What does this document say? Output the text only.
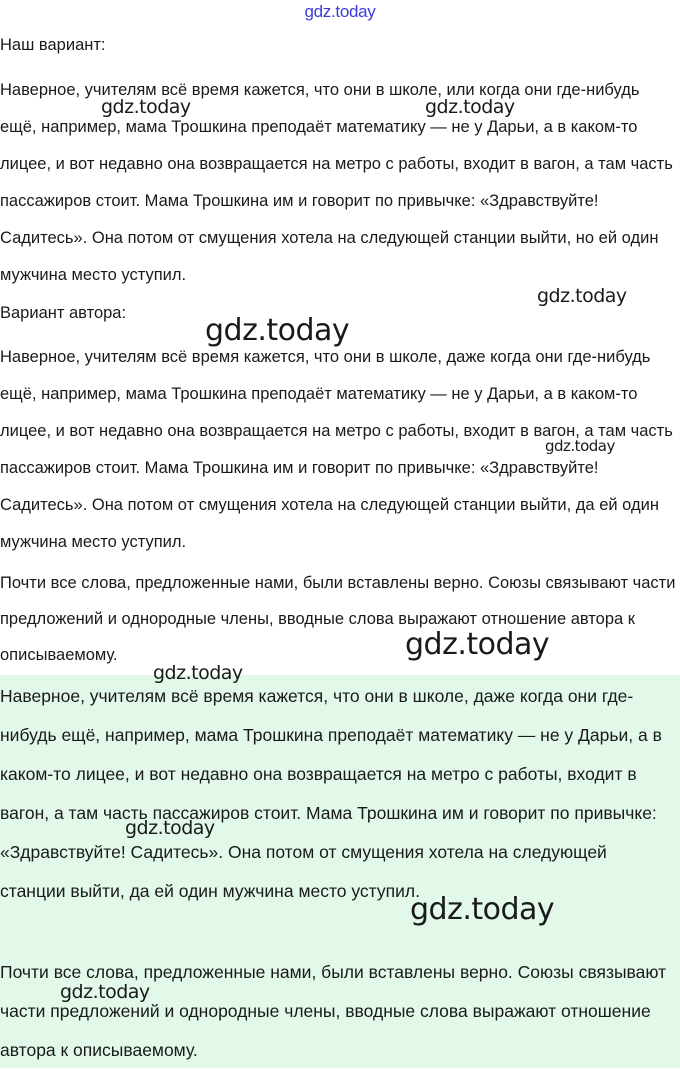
gdz.today

Наш вариант:

Наверное, учителям всё время кажется, что они в школе, или когда они где-нибудь ещё, например, мама Трошкина преподаёт математику — не у Дарьи, а в каком-то лицее, и вот недавно она возвращается на метро с работы, входит в вагон, а там часть пассажиров стоит. Мама Трошкина им и говорит по привычке: «Здравствуйте! Садитесь». Она потом от смущения хотела на следующей станции выйти, но ей один мужчина место уступил.

Вариант автора:

Наверное, учителям всё время кажется, что они в школе, даже когда они где-нибудь ещё, например, мама Трошкина преподаёт математику — не у Дарьи, а в каком-то лицее, и вот недавно она возвращается на метро с работы, входит в вагон, а там часть пассажиров стоит. Мама Трошкина им и говорит по привычке: «Здравствуйте! Садитесь». Она потом от смущения хотела на следующей станции выйти, да ей один мужчина место уступил.

Почти все слова, предложенные нами, были вставлены верно. Союзы связывают части предложений и однородные члены, вводные слова выражают отношение автора к описываемому.

Наверное, учителям всё время кажется, что они в школе, даже когда они где-нибудь ещё, например, мама Трошкина преподаёт математику — не у Дарьи, а в каком-то лицее, и вот недавно она возвращается на метро с работы, входит в вагон, а там часть пассажиров стоит. Мама Трошкина им и говорит по привычке: «Здравствуйте! Садитесь». Она потом от смущения хотела на следующей станции выйти, да ей один мужчина место уступил.

Почти все слова, предложенные нами, были вставлены верно. Союзы связывают части предложений и однородные члены, вводные слова выражают отношение автора к описываемому.

gdz.today	gdz.today
gdz.today
gdz.today
gdz.today
gdz.today
gdz.today
gdz.today
gdz.today
gdz.today
